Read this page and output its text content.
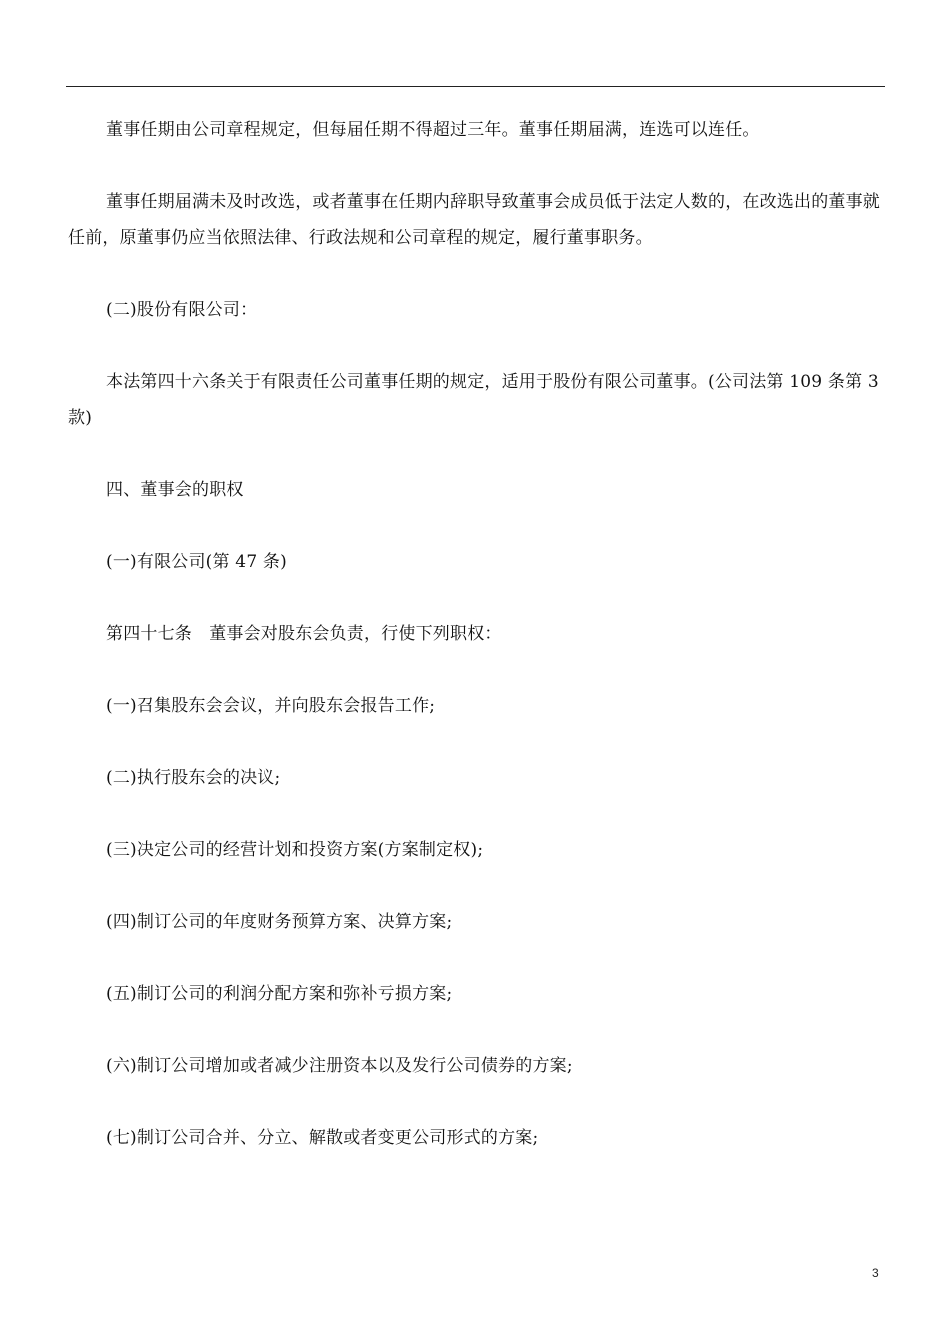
董事任期由公司章程规定，但每届任期不得超过三年。董事任期届满，连选可以连任。

董事任期届满未及时改选，或者董事在任期内辞职导致董事会成员低于法定人数的，在改选出的董事就任前，原董事仍应当依照法律、行政法规和公司章程的规定，履行董事职务。

(二)股份有限公司：

本法第四十六条关于有限责任公司董事任期的规定，适用于股份有限公司董事。(公司法第 109 条第 3 款)

四、董事会的职权

(一)有限公司(第 47 条)

第四十七条　董事会对股东会负责，行使下列职权：

(一)召集股东会会议，并向股东会报告工作;

(二)执行股东会的决议;

(三)决定公司的经营计划和投资方案(方案制定权);

(四)制订公司的年度财务预算方案、决算方案;

(五)制订公司的利润分配方案和弥补亏损方案;

(六)制订公司增加或者减少注册资本以及发行公司债券的方案;

(七)制订公司合并、分立、解散或者变更公司形式的方案;

3
